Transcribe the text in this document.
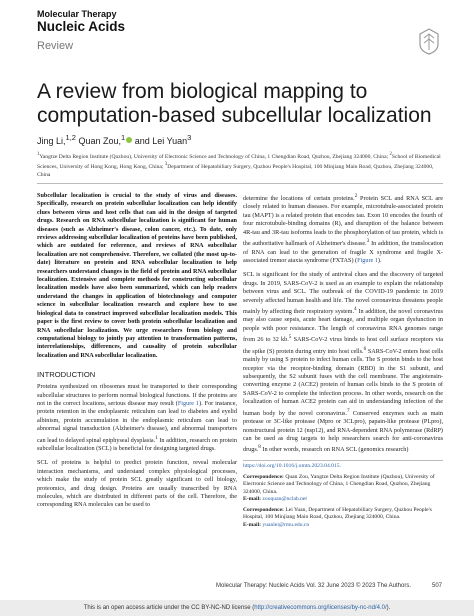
Molecular Therapy
Nucleic Acids
Review
A review from biological mapping to computation-based subcellular localization
Jing Li,$^{1,2}$ Quan Zou,$^1$ and Lei Yuan$^3$
$^1$Yangtze Delta Region Institute (Quzhou), University of Electronic Science and Technology of China, 1 Chengdian Road, Quzhou, Zhejiang 324000, China; $^2$School of Biomedical Sciences, University of Hong Kong, Hong Kong, China; $^3$Department of Hepatobiliary Surgery, Quzhou People's Hospital, 100 Minjiang Main Road, Quzhou, Zhejiang 324000, China

Subcellular localization is crucial to the study of virus and diseases. Specifically, research on protein subcellular localization can help identify clues between virus and host cells that can aid in the design of targeted drugs. Research on RNA subcellular localization is significant for human diseases (such as Alzheimer's disease, colon cancer, etc.). To date, only reviews addressing subcellular localization of proteins have been published, which are outdated for reference, and reviews of RNA subcellular localization are not comprehensive. Therefore, we collated (the most up-to-date) literature on protein and RNA subcellular localization to help researchers understand changes in the field of protein and RNA subcellular localization. Extensive and complete methods for constructing subcellular localization models have also been summarized, which can help readers understand the changes in application of biotechnology and computer science in subcellular localization research and explore how to use biological data to construct improved subcellular localization models. This paper is the first review to cover both protein subcellular localization and RNA subcellular localization. We urge researchers from biology and computational biology to jointly pay attention to transformation patterns, interrelationships, differences, and causality of protein subcellular localization and RNA subcellular localization.

INTRODUCTION

Proteins synthesized on ribosomes must be transported to their corresponding subcellular structures to perform normal biological functions. If the proteins are not in the correct locations, serious disease may result (Figure 1). For instance, protein retention in the endoplasmic reticulum can lead to diabetes and eyelid albinism, protein accumulation in the endoplasmic reticulum can lead to abnormal signal transduction (Alzheimer's disease), and abnormal transporters can lead to delayed spinal epiphyseal dysplasia.$^1$ In addition, research on protein subcellular localization (SCL) is beneficial for designing targeted drugs.

SCL of proteins is helpful to predict protein function, reveal molecular interaction mechanisms, and understand complex physiological processes, which make the study of protein SCL greatly significant to cell biology, proteomics, and drug design. Proteins are usually transcribed by RNA molecules, which are distributed in different parts of the cell. Therefore, the corresponding RNA molecules can be used to

determine the locations of certain proteins.$^2$ Protein SCL and RNA SCL are closely related to human diseases. For example, microtubule-associated protein tau (MAPT) is a related protein that encodes tau. Exon 10 encodes the fourth of four microtubule-binding domains (R), and disruption of the balance between 4R-tau and 3R-tau isoforms leads to the phosphorylation of tau protein, which is the authoritative hallmark of Alzheimer's disease.$^3$ In addition, the translocation of RNA can lead to the generation of fragile X syndrome and fragile X-associated tremor ataxia syndrome (FXTAS) (Figure 1).

SCL is significant for the study of antiviral clues and the discovery of targeted drugs. In 2019, SARS-CoV-2 is used as an example to explain the relationship between virus and SCL. The outbreak of the COVID-19 pandemic in 2019 severely affected human health and life. The novel coronavirus threatens people mainly by affecting their respiratory system.$^4$ In addition, the novel coronavirus may also cause sepsis, acute heart damage, and multiple organ dysfunction in people with poor resistance. The length of coronavirus RNA genomes range from 26 to 32 kb.$^5$ SARS-CoV-2 virus binds to host cell surface receptors via the spike (S) protein during entry into host cells.$^6$ SARS-CoV-2 enters host cells mainly by using S protein to infect human cells. The S protein binds to the host receptor via the receptor-binding domain (RBD) in the S1 subunit, and subsequently, the S2 subunit fuses with the cell membrane. The angiotensin-converting enzyme 2 (ACE2) protein of human cells binds to the S protein of SARS-CoV-2 to complete the infection process. In other words, research on the localization of human ACE2 protein can aid in understanding infection of the human body by the novel coronavirus.$^7$ Conserved enzymes such as main protease or 3C-like protease (Mpro or 3CLpro), papain-like protease (PLpro), nonstructural protein 12 (nsp12), and RNA-dependent RNA polymerase (RdRP) can be used as drug targets to help researchers search for anti-coronavirus drugs.$^8$ In other words, research on RNA SCL (genomics research)

https://doi.org/10.1016/j.omtn.2023.04.015.
Correspondence: Quan Zou, Yangtze Delta Region Institute (Quzhou), University of Electronic Science and Technology of China, 1 Chengdian Road, Quzhou, Zhejiang 324000, China.
E-mail: zouquan@nclab.net
Correspondence: Lei Yuan, Department of Hepatobiliary Surgery, Quzhou People's Hospital, 100 Minjiang Main Road, Quzhou, Zhejiang 324000, China.
E-mail: yuanlei@rmu.edu.cn
Molecular Therapy: Nucleic Acids Vol. 32 June 2023 © 2023 The Authors.	507
This is an open access article under the CC BY-NC-ND license ( http://creativecommons.org/licenses/by-nc-nd/4.0/ ).
